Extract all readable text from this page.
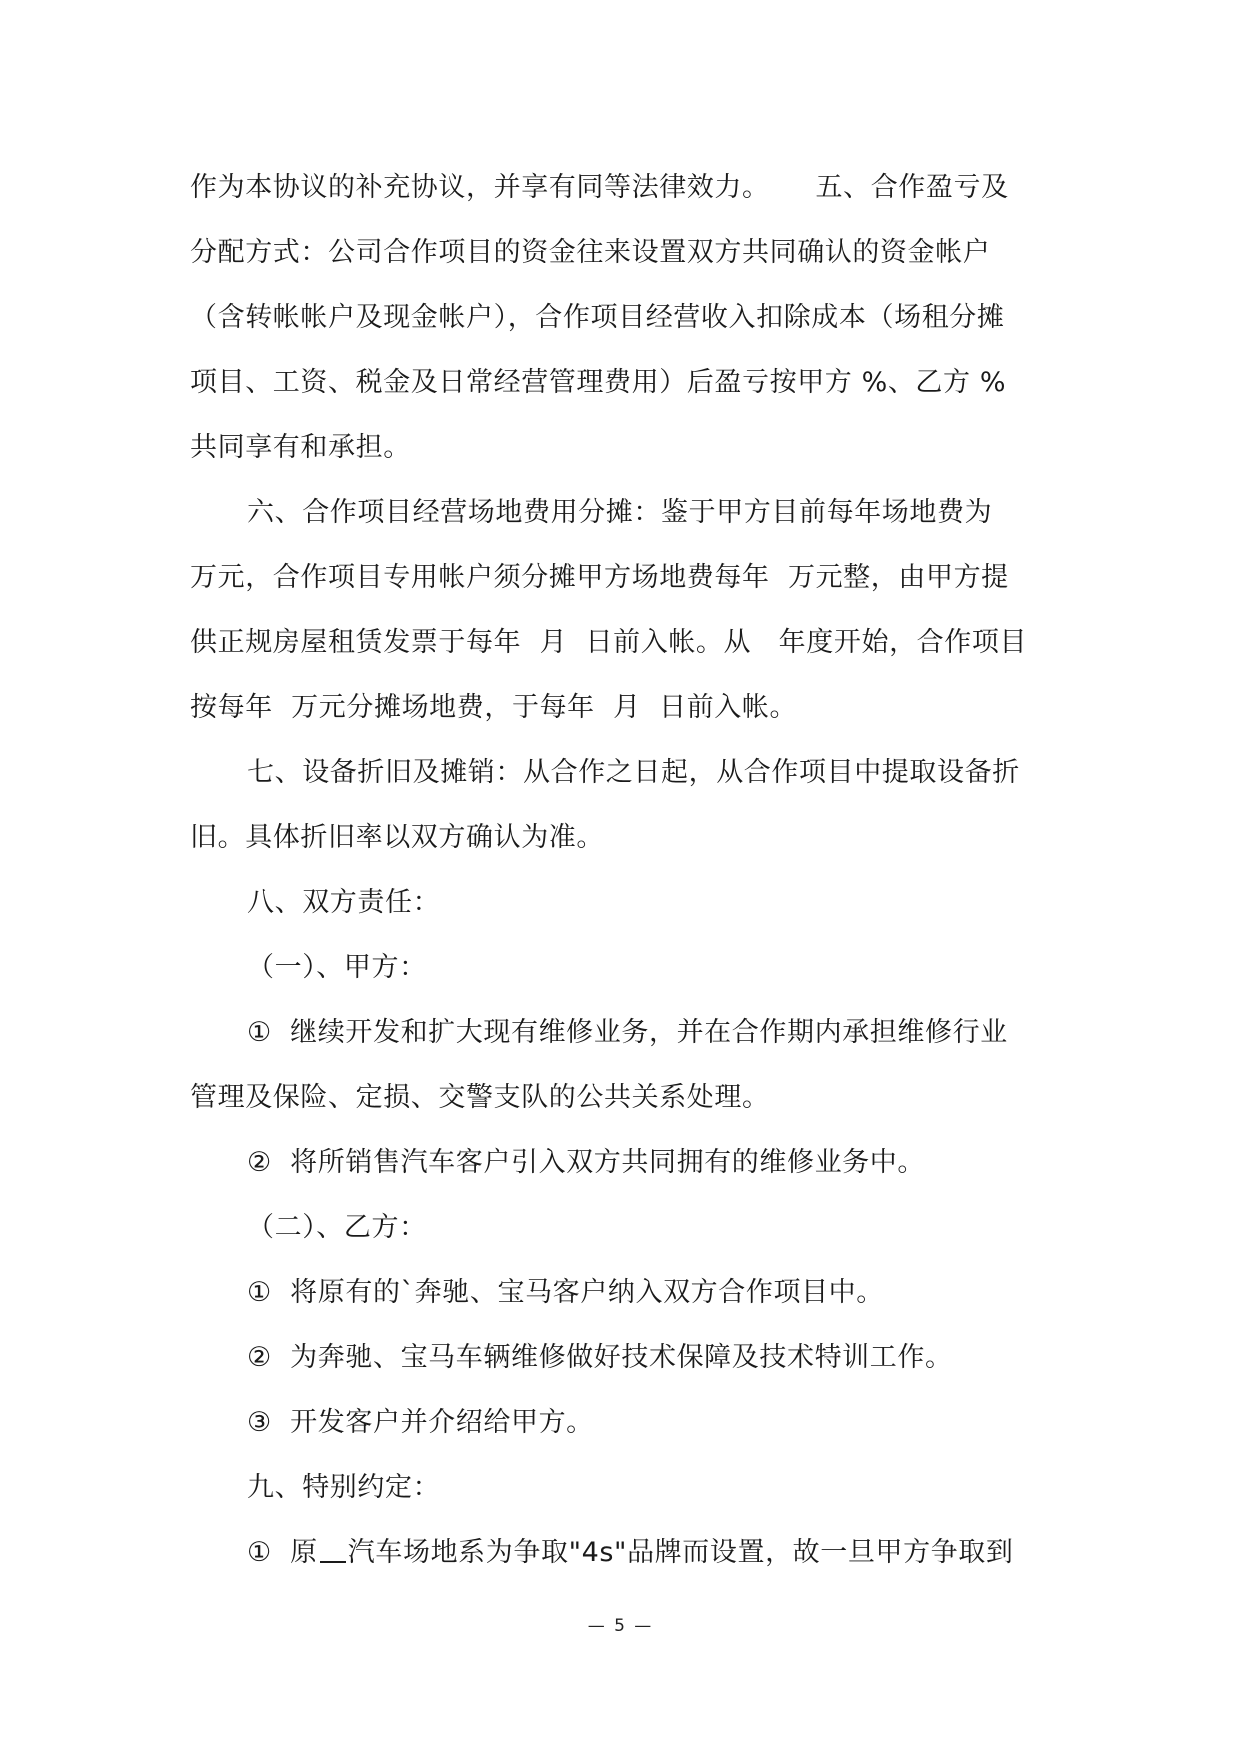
作为本协议的补充协议，并享有同等法律效力。     五、合作盈亏及
分配方式：公司合作项目的资金往来设置双方共同确认的资金帐户
（含转帐帐户及现金帐户），合作项目经营收入扣除成本（场租分摊
项目、工资、税金及日常经营管理费用）后盈亏按甲方 %、乙方 %
共同享有和承担。
六、合作项目经营场地费用分摊：鉴于甲方目前每年场地费为
万元，合作项目专用帐户须分摊甲方场地费每年  万元整，由甲方提
供正规房屋租赁发票于每年  月  日前入帐。从   年度开始，合作项目
按每年  万元分摊场地费，于每年  月  日前入帐。
七、设备折旧及摊销：从合作之日起，从合作项目中提取设备折
旧。具体折旧率以双方确认为准。
八、双方责任：
（一）、甲方：
①  继续开发和扩大现有维修业务，并在合作期内承担维修行业
管理及保险、定损、交警支队的公共关系处理。
②  将所销售汽车客户引入双方共同拥有的维修业务中。
（二）、乙方：
①  将原有的`奔驰、宝马客户纳入双方合作项目中。
②  为奔驰、宝马车辆维修做好技术保障及技术特训工作。
③  开发客户并介绍给甲方。
九、特别约定：
①  原 汽车场地系为争取"4s"品牌而设置，故一旦甲方争取到
— 5 —
